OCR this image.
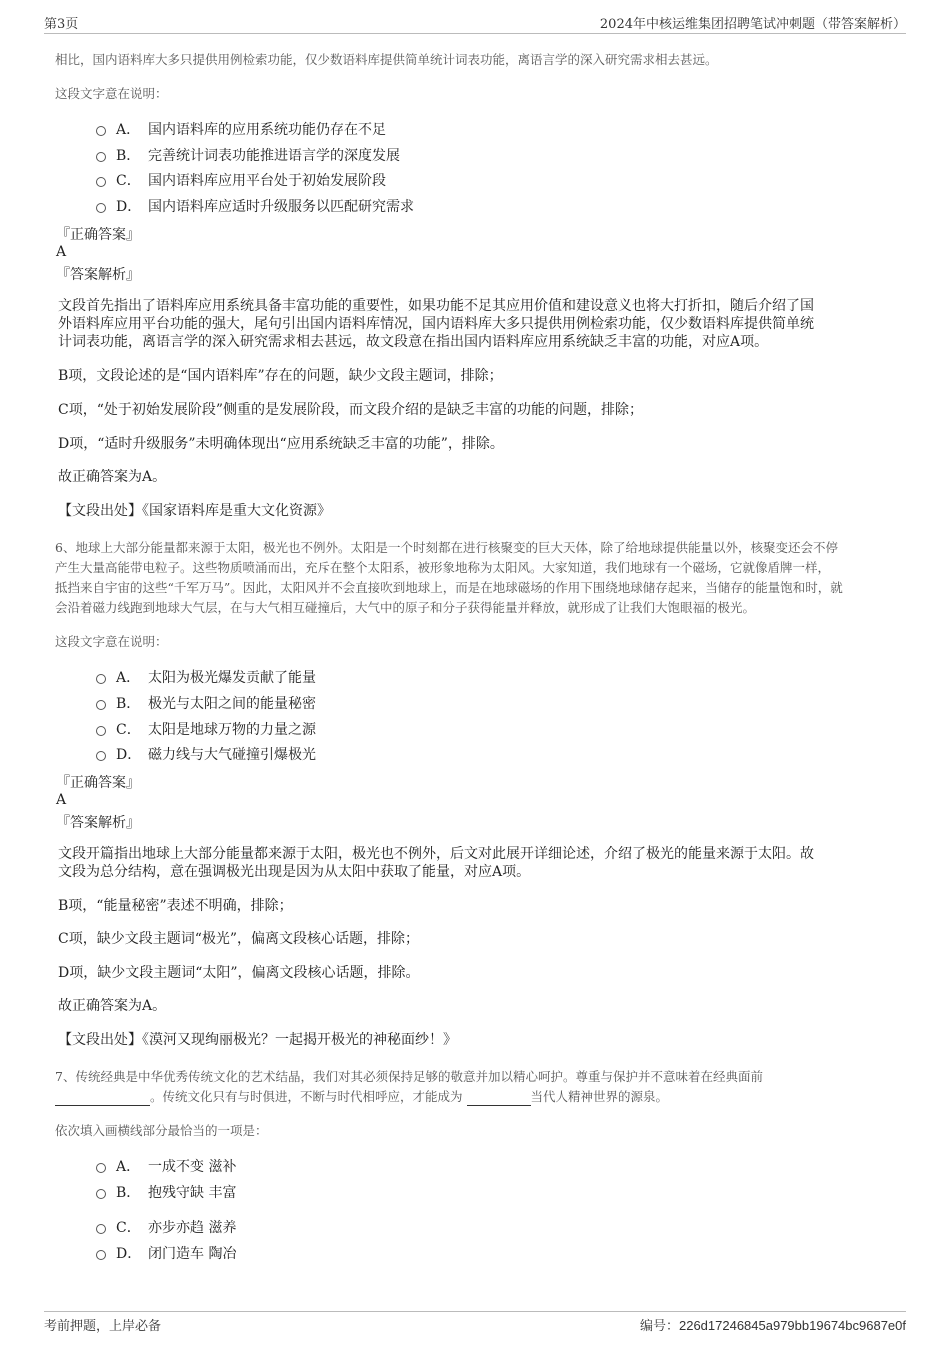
第3页	2024年中核运维集团招聘笔试冲刺题（带答案解析）
相比，国内语料库大多只提供用例检索功能，仅少数语料库提供简单统计词表功能，离语言学的深入研究需求相去甚远。
这段文字意在说明：
A． 国内语料库的应用系统功能仍存在不足
B． 完善统计词表功能推进语言学的深度发展
C． 国内语料库应用平台处于初始发展阶段
D． 国内语料库应适时升级服务以匹配研究需求
『正确答案』
A
『答案解析』
文段首先指出了语料库应用系统具备丰富功能的重要性，如果功能不足其应用价值和建设意义也将大打折扣，随后介绍了国
外语料库应用平台功能的强大，尾句引出国内语料库情况，国内语料库大多只提供用例检索功能，仅少数语料库提供简单统
计词表功能，离语言学的深入研究需求相去甚远，故文段意在指出国内语料库应用系统缺乏丰富的功能，对应A项。
B项，文段论述的是“国内语料库”存在的问题，缺少文段主题词，排除；
C项，“处于初始发展阶段”侧重的是发展阶段，而文段介绍的是缺乏丰富的功能的问题，排除；
D项，“适时升级服务”未明确体现出“应用系统缺乏丰富的功能”，排除。
故正确答案为A。
【文段出处】《国家语料库是重大文化资源》
6、地球上大部分能量都来源于太阳，极光也不例外。太阳是一个时刻都在进行核聚变的巨大天体，除了给地球提供能量以外，核聚变还会不停
产生大量高能带电粒子。这些物质喷涌而出，充斥在整个太阳系，被形象地称为太阳风。大家知道，我们地球有一个磁场，它就像盾牌一样，
抵挡来自宇宙的这些“千军万马”。因此，太阳风并不会直接吹到地球上，而是在地球磁场的作用下围绕地球储存起来，当储存的能量饱和时，就
会沿着磁力线跑到地球大气层，在与大气相互碰撞后，大气中的原子和分子获得能量并释放，就形成了让我们大饱眼福的极光。
这段文字意在说明：
A． 太阳为极光爆发贡献了能量
B． 极光与太阳之间的能量秘密
C． 太阳是地球万物的力量之源
D． 磁力线与大气碰撞引爆极光
『正确答案』
A
『答案解析』
文段开篇指出地球上大部分能量都来源于太阳，极光也不例外，后文对此展开详细论述，介绍了极光的能量来源于太阳。故
文段为总分结构，意在强调极光出现是因为从太阳中获取了能量，对应A项。
B项，“能量秘密”表述不明确，排除；
C项，缺少文段主题词“极光”，偏离文段核心话题，排除；
D项，缺少文段主题词“太阳”，偏离文段核心话题，排除。
故正确答案为A。
【文段出处】《漠河又现绚丽极光？一起揭开极光的神秘面纱！》
7、传统经典是中华优秀传统文化的艺术结晶，我们对其必须保持足够的敬意并加以精心呵护。尊重与保护并不意味着在经典面前
。传统文化只有与时俱进，不断与时代相呼应，才能成为	当代人精神世界的源泉。
依次填入画横线部分最恰当的一项是：
A． 一成不变 滋补
B． 抱残守缺 丰富
C． 亦步亦趋 滋养
D． 闭门造车 陶冶
考前押题，上岸必备	编号：226d17246845a979bb19674bc9687e0f
